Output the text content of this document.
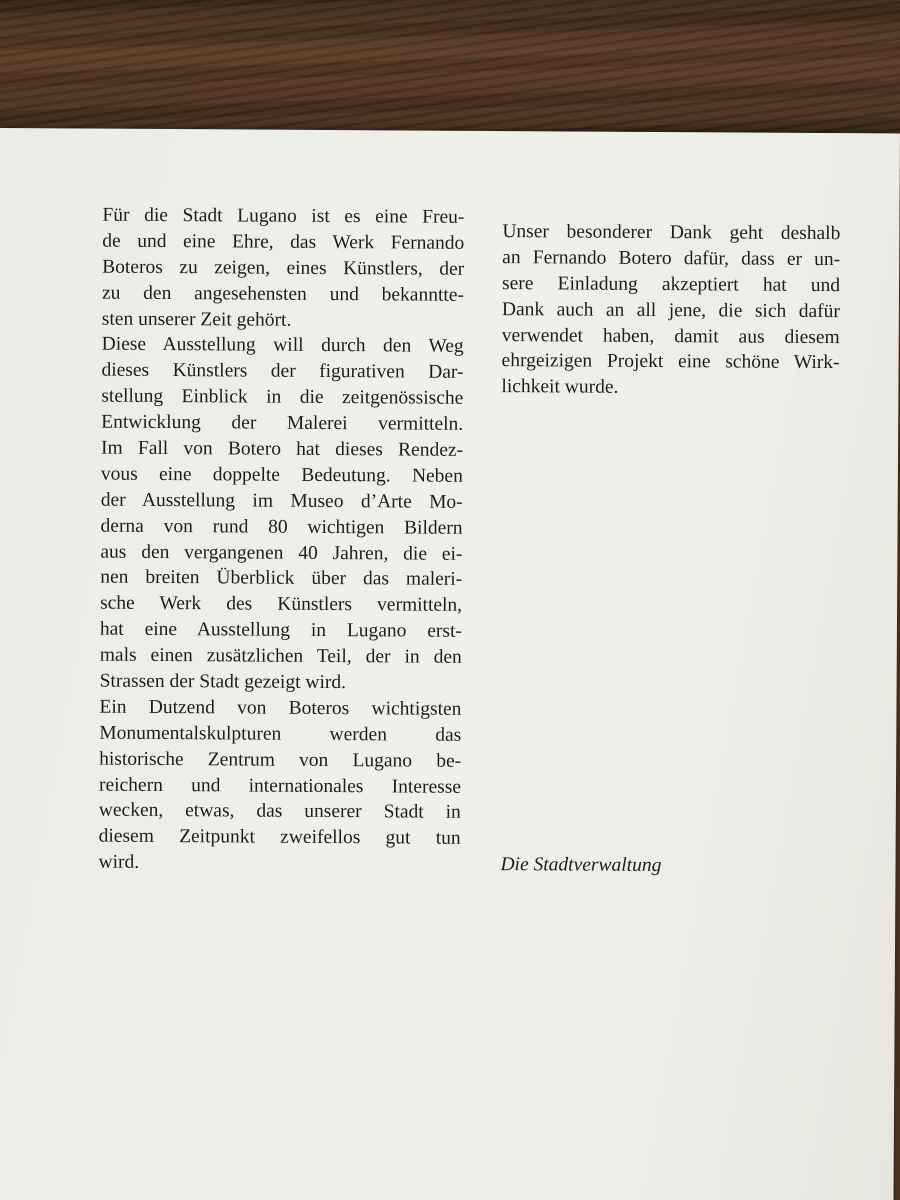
Für die Stadt Lugano ist es eine Freu-
de und eine Ehre, das Werk Fernando
Boteros zu zeigen, eines Künstlers, der
zu den angesehensten und bekanntte-
sten unserer Zeit gehört.
Diese Ausstellung will durch den Weg
dieses Künstlers der figurativen Dar-
stellung Einblick in die zeitgenössische
Entwicklung der Malerei vermitteln.
Im Fall von Botero hat dieses Rendez-
vous eine doppelte Bedeutung. Neben
der Ausstellung im Museo d’Arte Mo-
derna von rund 80 wichtigen Bildern
aus den vergangenen 40 Jahren, die ei-
nen breiten Überblick über das maleri-
sche Werk des Künstlers vermitteln,
hat eine Ausstellung in Lugano erst-
mals einen zusätzlichen Teil, der in den
Strassen der Stadt gezeigt wird.
Ein Dutzend von Boteros wichtigsten
Monumentalskulpturen werden das
historische Zentrum von Lugano be-
reichern und internationales Interesse
wecken, etwas, das unserer Stadt in
diesem Zeitpunkt zweifellos gut tun
wird.
Unser besonderer Dank geht deshalb
an Fernando Botero dafür, dass er un-
sere Einladung akzeptiert hat und
Dank auch an all jene, die sich dafür
verwendet haben, damit aus diesem
ehrgeizigen Projekt eine schöne Wirk-
lichkeit wurde.
Die Stadtverwaltung
